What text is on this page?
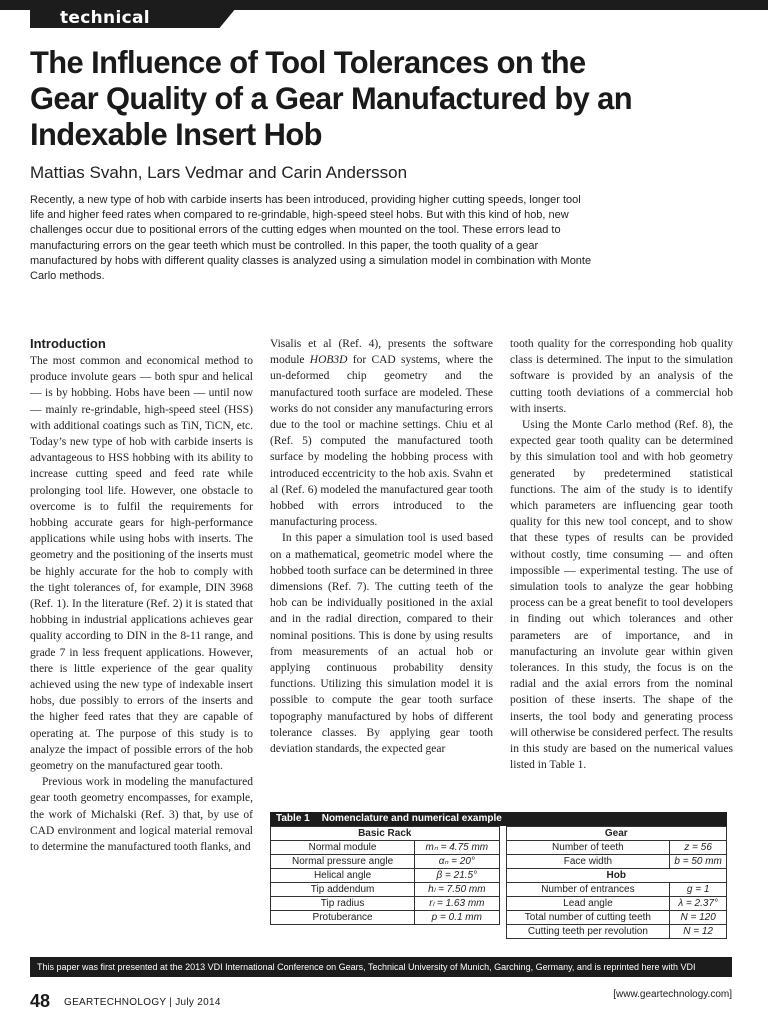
technical
The Influence of Tool Tolerances on the Gear Quality of a Gear Manufactured by an Indexable Insert Hob
Mattias Svahn, Lars Vedmar and Carin Andersson

Recently, a new type of hob with carbide inserts has been introduced, providing higher cutting speeds, longer tool life and higher feed rates when compared to re-grindable, high-speed steel hobs. But with this kind of hob, new challenges occur due to positional errors of the cutting edges when mounted on the tool. These errors lead to manufacturing errors on the gear teeth which must be controlled. In this paper, the tooth quality of a gear manufactured by hobs with different quality classes is analyzed using a simulation model in combination with Monte Carlo methods.

Introduction

The most common and economical method to produce involute gears — both spur and helical — is by hobbing. Hobs have been — until now — mainly re-grindable, high-speed steel (HSS) with additional coatings such as TiN, TiCN, etc. Today’s new type of hob with carbide inserts is advantageous to HSS hobbing with its ability to increase cutting speed and feed rate while prolonging tool life. However, one obstacle to overcome is to fulfil the requirements for hobbing accurate gears for high-performance applications while using hobs with inserts. The geometry and the positioning of the inserts must be highly accurate for the hob to comply with the tight tolerances of, for example, DIN 3968 (Ref. 1). In the literature (Ref. 2) it is stated that hobbing in industrial applications achieves gear quality according to DIN in the 8-11 range, and grade 7 in less frequent applications. However, there is little experience of the gear quality achieved using the new type of indexable insert hobs, due possibly to errors of the inserts and the higher feed rates that they are capable of operating at. The purpose of this study is to analyze the impact of possible errors of the hob geometry on the manufactured gear tooth.

Previous work in modeling the manufactured gear tooth geometry encompasses, for example, the work of Michalski (Ref. 3) that, by use of CAD environment and logical material removal to determine the manufactured tooth flanks, and

Visalis et al (Ref. 4), presents the software module HOB3D for CAD systems, where the un-deformed chip geometry and the manufactured tooth surface are modeled. These works do not consider any manufacturing errors due to the tool or machine settings. Chiu et al (Ref. 5) computed the manufactured tooth surface by modeling the hobbing process with introduced eccentricity to the hob axis. Svahn et al (Ref. 6) modeled the manufactured gear tooth hobbed with errors introduced to the manufacturing process.

In this paper a simulation tool is used based on a mathematical, geometric model where the hobbed tooth surface can be determined in three dimensions (Ref. 7). The cutting teeth of the hob can be individually positioned in the axial and in the radial direction, compared to their nominal positions. This is done by using results from measurements of an actual hob or applying continuous probability density functions. Utilizing this simulation model it is possible to compute the gear tooth surface topography manufactured by hobs of different tolerance classes. By applying gear tooth deviation standards, the expected gear

tooth quality for the corresponding hob quality class is determined. The input to the simulation software is provided by an analysis of the cutting tooth deviations of a commercial hob with inserts.

Using the Monte Carlo method (Ref. 8), the expected gear tooth quality can be determined by this simulation tool and with hob geometry generated by predetermined statistical functions. The aim of the study is to identify which parameters are influencing gear tooth quality for this new tool concept, and to show that these types of results can be provided without costly, time consuming — and often impossible — experimental testing. The use of simulation tools to analyze the gear hobbing process can be a great benefit to tool developers in finding out which tolerances and other parameters are of importance, and in manufacturing an involute gear within given tolerances. In this study, the focus is on the radial and the axial errors from the nominal position of these inserts. The shape of the inserts, the tool body and generating process will otherwise be considered perfect. The results in this study are based on the numerical values listed in Table 1.

Table 1 Nomenclature and numerical example
Basic Rack			Gear	
Normal module	mₙ = 4.75 mm		Number of teeth	z = 56
Normal pressure angle	αₙ = 20°		Face width	b = 50 mm
Helical angle	β = 21.5°		Hob	
Tip addendum	hₗ = 7.50 mm		Number of entrances	g = 1
Tip radius	rₗ = 1.63 mm		Lead angle	λ = 2.37°
Protuberance	p = 0.1 mm		Total number of cutting teeth	N = 120
			Cutting teeth per revolution	N = 12
This paper was first presented at the 2013 VDI International Conference on Gears, Technical University of Munich, Garching, Germany, and is reprinted here with VDI permission.
48 GEARTECHNOLOGY | July 2014
[www.geartechnology.com]
